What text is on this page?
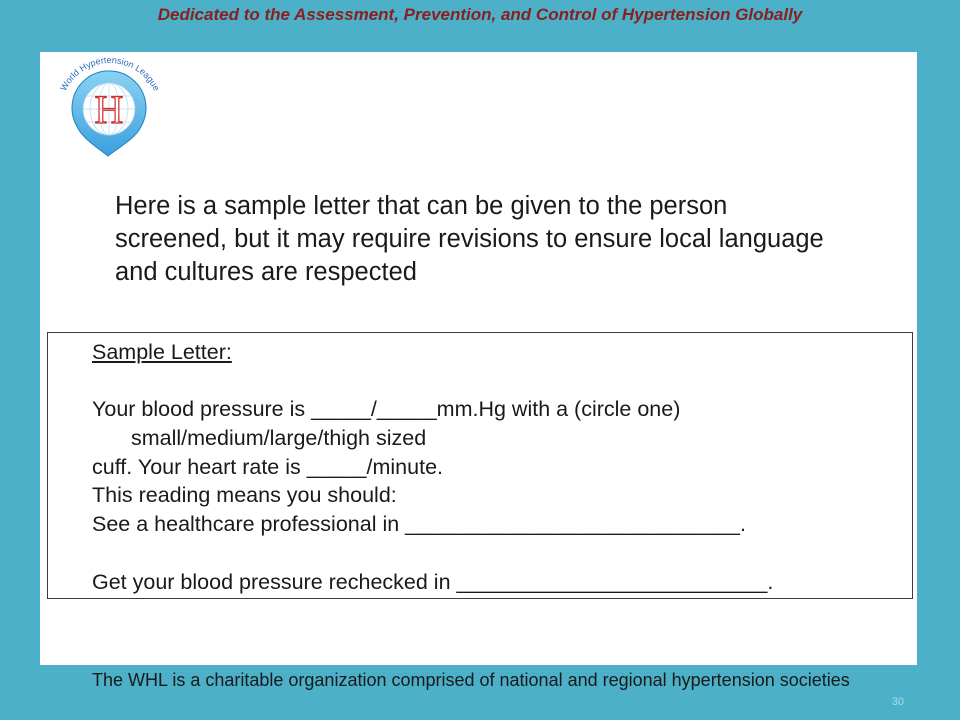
Dedicated to the Assessment, Prevention, and Control of Hypertension Globally
World Hypertension League
H
Here is a sample letter that can be given to the person
screened, but it may require revisions to ensure local language
and cultures are respected
Sample Letter:
Your blood pressure is _____/_____mm.Hg with a (circle one)
small/medium/large/thigh sized
cuff. Your heart rate is _____/minute.
This reading means you should:
See a healthcare professional in ____________________________.
Get your blood pressure rechecked in __________________________.
The WHL is a charitable organization comprised of national and regional hypertension societies
30
